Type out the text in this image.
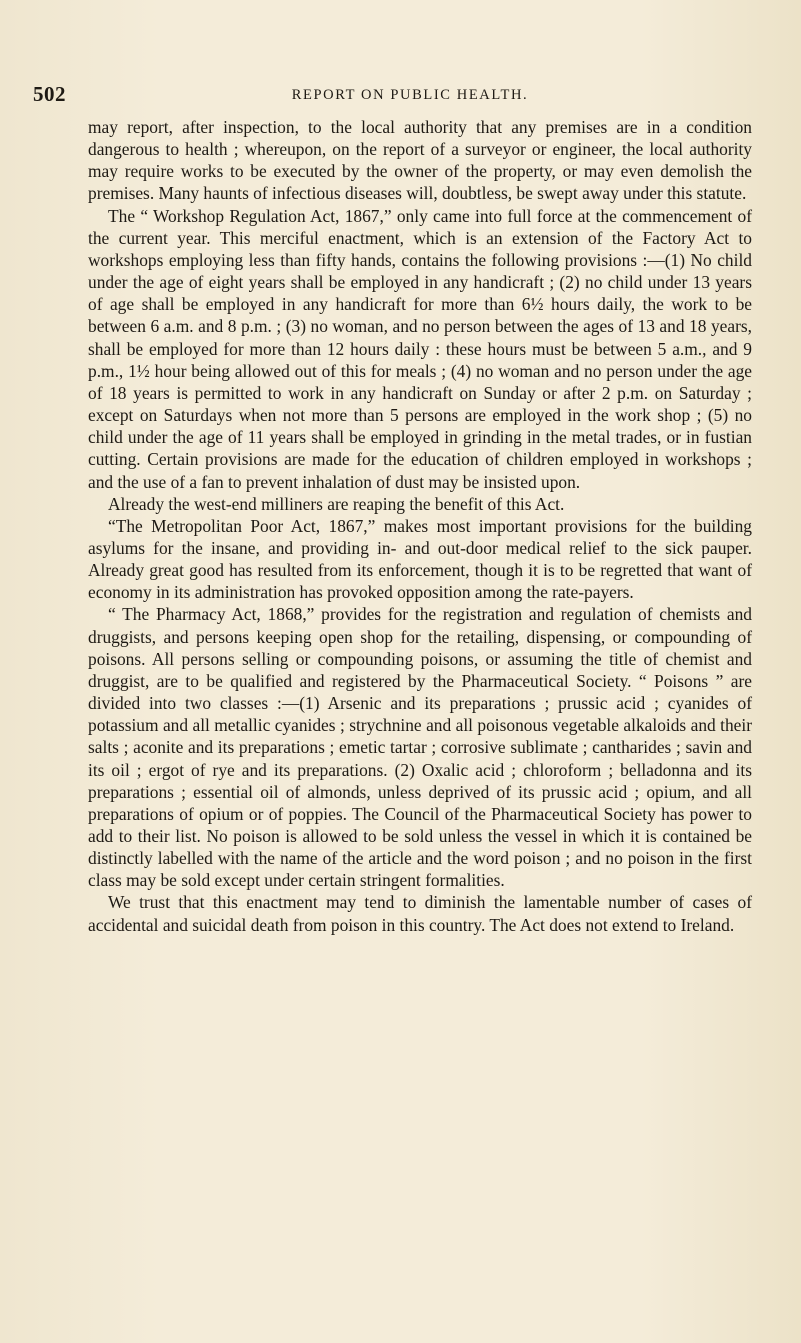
502	REPORT ON PUBLIC HEALTH.

may report, after inspection, to the local authority that any premises are in a condition dangerous to health ; whereupon, on the report of a surveyor or engineer, the local authority may require works to be executed by the owner of the property, or may even demolish the premises. Many haunts of infectious diseases will, doubtless, be swept away under this statute.

The “ Workshop Regulation Act, 1867,” only came into full force at the commencement of the current year. This merciful enactment, which is an extension of the Factory Act to workshops employing less than fifty hands, contains the following provisions :—(1) No child under the age of eight years shall be employed in any handicraft ; (2) no child under 13 years of age shall be employed in any handicraft for more than 6½ hours daily, the work to be between 6 a.m. and 8 p.m. ; (3) no woman, and no person between the ages of 13 and 18 years, shall be employed for more than 12 hours daily : these hours must be between 5 a.m., and 9 p.m., 1½ hour being allowed out of this for meals ; (4) no woman and no person under the age of 18 years is permitted to work in any handicraft on Sunday or after 2 p.m. on Saturday ; except on Saturdays when not more than 5 persons are employed in the work shop ; (5) no child under the age of 11 years shall be employed in grinding in the metal trades, or in fustian cutting. Certain provisions are made for the education of children employed in workshops ; and the use of a fan to prevent inhalation of dust may be insisted upon.

Already the west-end milliners are reaping the benefit of this Act.

“The Metropolitan Poor Act, 1867,” makes most important provisions for the building asylums for the insane, and providing in- and out-door medical relief to the sick pauper. Already great good has resulted from its enforcement, though it is to be regretted that want of economy in its administration has provoked opposition among the rate-payers.

“ The Pharmacy Act, 1868,” provides for the registration and regulation of chemists and druggists, and persons keeping open shop for the retailing, dispensing, or compounding of poisons. All persons selling or compounding poisons, or assuming the title of chemist and druggist, are to be qualified and registered by the Pharmaceutical Society. “ Poisons ” are divided into two classes :—(1) Arsenic and its preparations ; prussic acid ; cyanides of potassium and all metallic cyanides ; strychnine and all poisonous vegetable alkaloids and their salts ; aconite and its preparations ; emetic tartar ; corrosive sublimate ; cantharides ; savin and its oil ; ergot of rye and its preparations. (2) Oxalic acid ; chloroform ; belladonna and its preparations ; essential oil of almonds, unless deprived of its prussic acid ; opium, and all preparations of opium or of poppies. The Council of the Pharmaceutical Society has power to add to their list. No poison is allowed to be sold unless the vessel in which it is contained be distinctly labelled with the name of the article and the word poison ; and no poison in the first class may be sold except under certain stringent formalities.

We trust that this enactment may tend to diminish the lamentable number of cases of accidental and suicidal death from poison in this country. The Act does not extend to Ireland.
